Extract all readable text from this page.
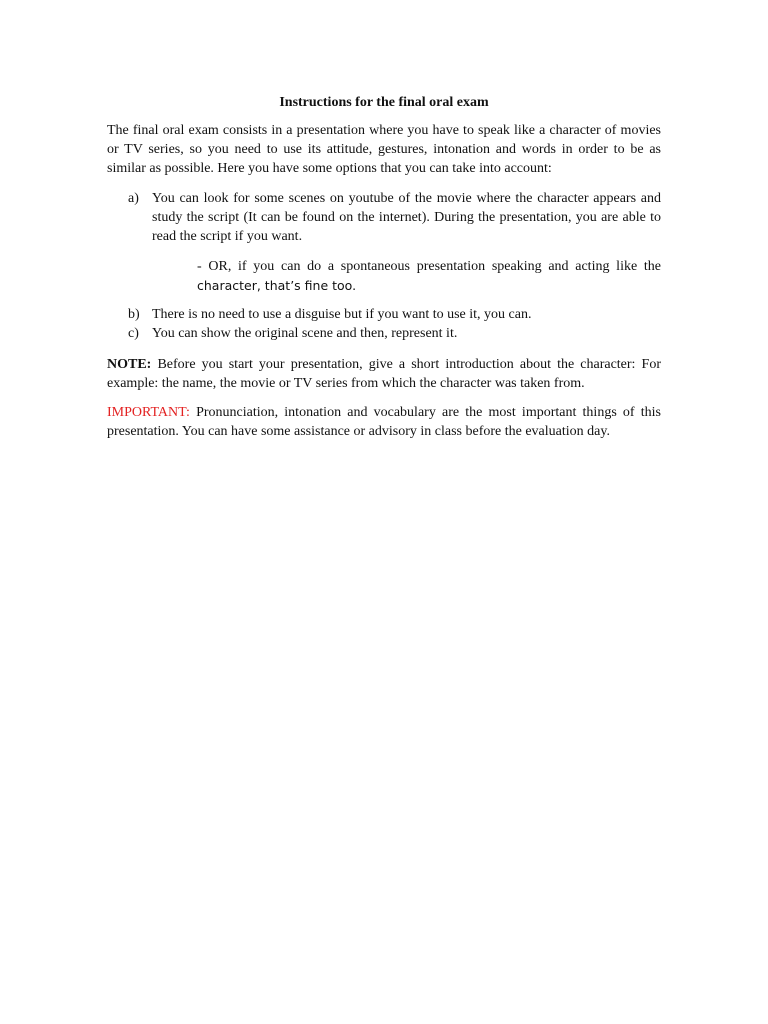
Instructions for the final oral exam

The final oral exam consists in a presentation where you have to speak like a character of movies or TV series, so you need to use its attitude, gestures, intonation and words in order to be as similar as possible. Here you have some options that you can take into account:

a) You can look for some scenes on youtube of the movie where the character appears and study the script (It can be found on the internet). During the presentation, you are able to read the script if you want.

- OR, if you can do a spontaneous presentation speaking and acting like the character, that’s fine too.

b) There is no need to use a disguise but if you want to use it, you can.
c) You can show the original scene and then, represent it.

NOTE: Before you start your presentation, give a short introduction about the character: For example: the name, the movie or TV series from which the character was taken from.

IMPORTANT: Pronunciation, intonation and vocabulary are the most important things of this presentation. You can have some assistance or advisory in class before the evaluation day.
